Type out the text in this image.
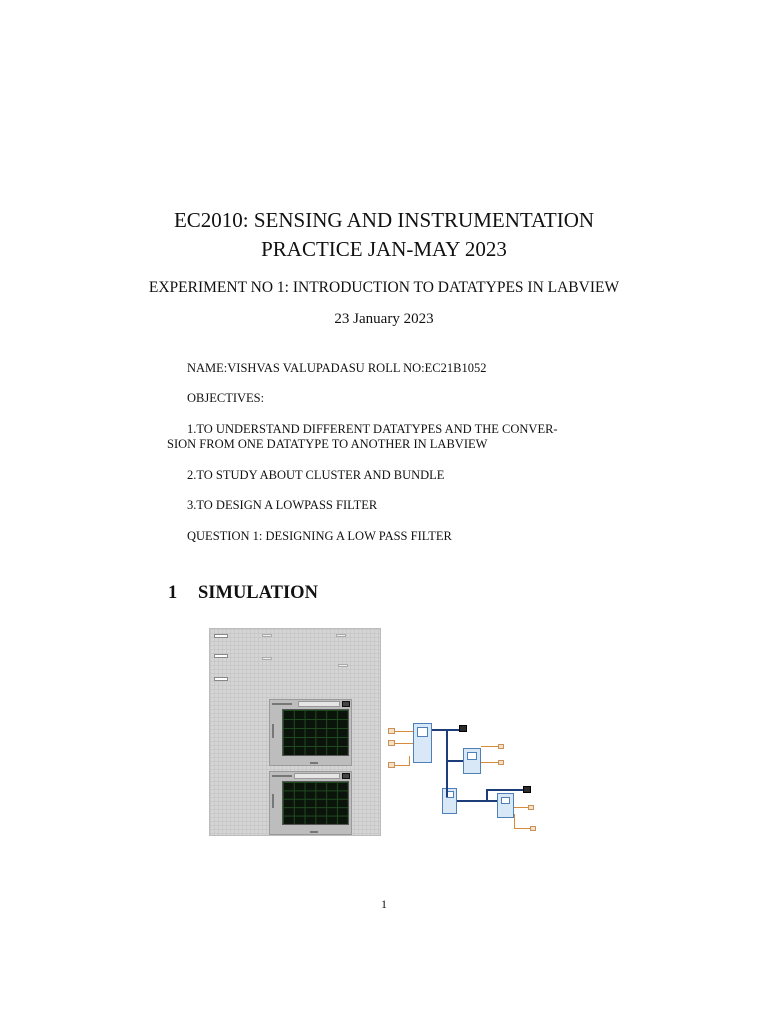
EC2010: SENSING AND INSTRUMENTATION
PRACTICE JAN-MAY 2023
EXPERIMENT NO 1: INTRODUCTION TO DATATYPES IN LABVIEW
23 January 2023
NAME:VISHVAS VALUPADASU ROLL NO:EC21B1052
OBJECTIVES:
1.TO UNDERSTAND DIFFERENT DATATYPES AND THE CONVER-
SION FROM ONE DATATYPE TO ANOTHER IN LABVIEW
2.TO STUDY ABOUT CLUSTER AND BUNDLE
3.TO DESIGN A LOWPASS FILTER
QUESTION 1: DESIGNING A LOW PASS FILTER
1 SIMULATION
1
